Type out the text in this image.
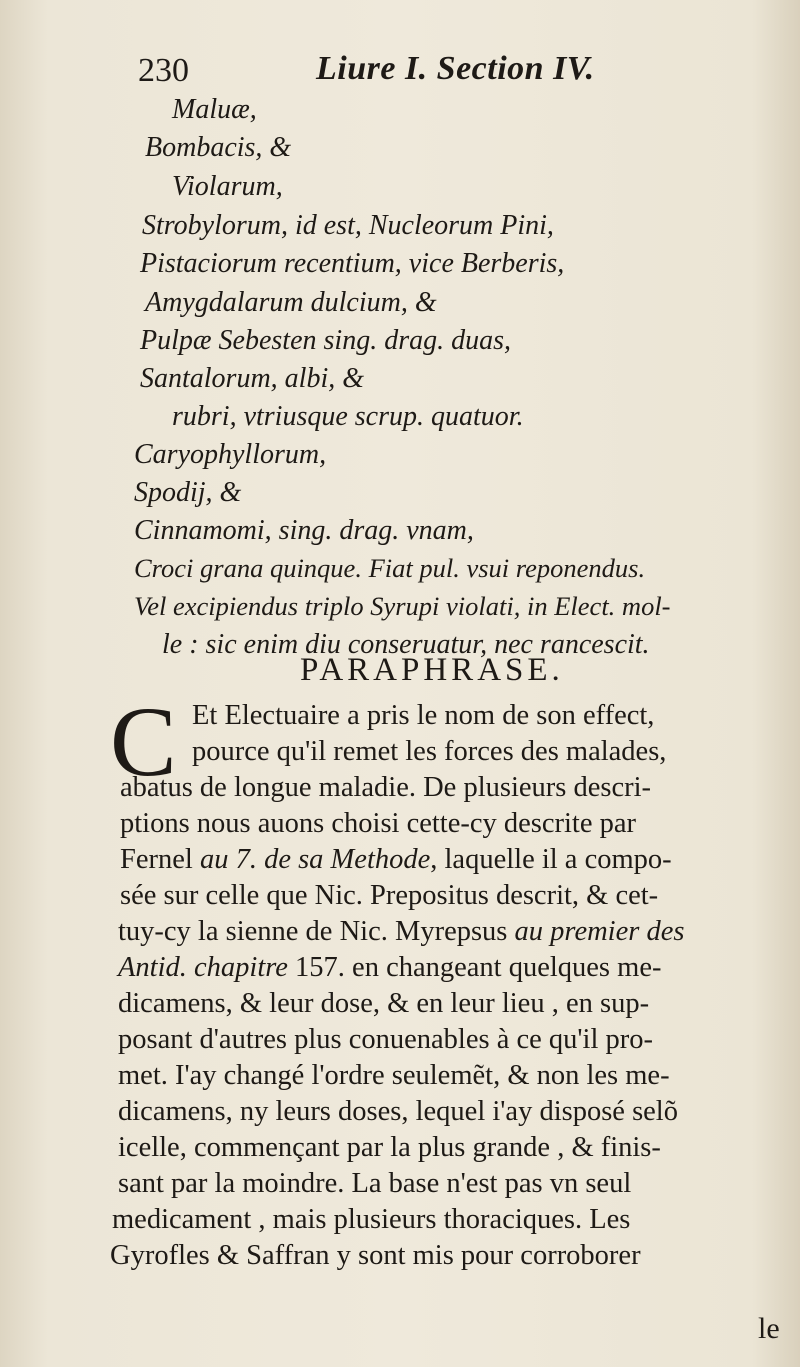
230	Liure I. Section IV.
Maluæ,
Bombacis, &
Violarum,
Strobylorum, id est, Nucleorum Pini,
Pistaciorum recentium, vice Berberis,
Amygdalarum dulcium, &
Pulpæ Sebesten sing. drag. duas,
Santalorum, albi, &
rubri, vtriusque scrup. quatuor.
Caryophyllorum,
Spodij, &
Cinnamomi, sing. drag. vnam,
Croci grana quinque. Fiat pul. vsui reponendus.
Vel excipiendus triplo Syrupi violati, in Elect. mol-
le : sic enim diu conseruatur, nec rancescit.
PARAPHRASE.
C Et Electuaire a pris le nom de son effect,
pource qu'il remet les forces des malades,
abatus de longue maladie. De plusieurs descri-
ptions nous auons choisi cette-cy descrite par
Fernel au 7. de sa Methode, laquelle il a compo-
sée sur celle que Nic. Prepositus descrit, & cet-
tuy-cy la sienne de Nic. Myrepsus au premier des
Antid. chapitre 157. en changeant quelques me-
dicamens, & leur dose, & en leur lieu , en sup-
posant d'autres plus conuenables à ce qu'il pro-
met. I'ay changé l'ordre seulemẽt, & non les me-
dicamens, ny leurs doses, lequel i'ay disposé selõ
icelle, commençant par la plus grande , & finis-
sant par la moindre. La base n'est pas vn seul
medicament , mais plusieurs thoraciques. Les
Gyrofles & Saffran y sont mis pour corroborer
le
